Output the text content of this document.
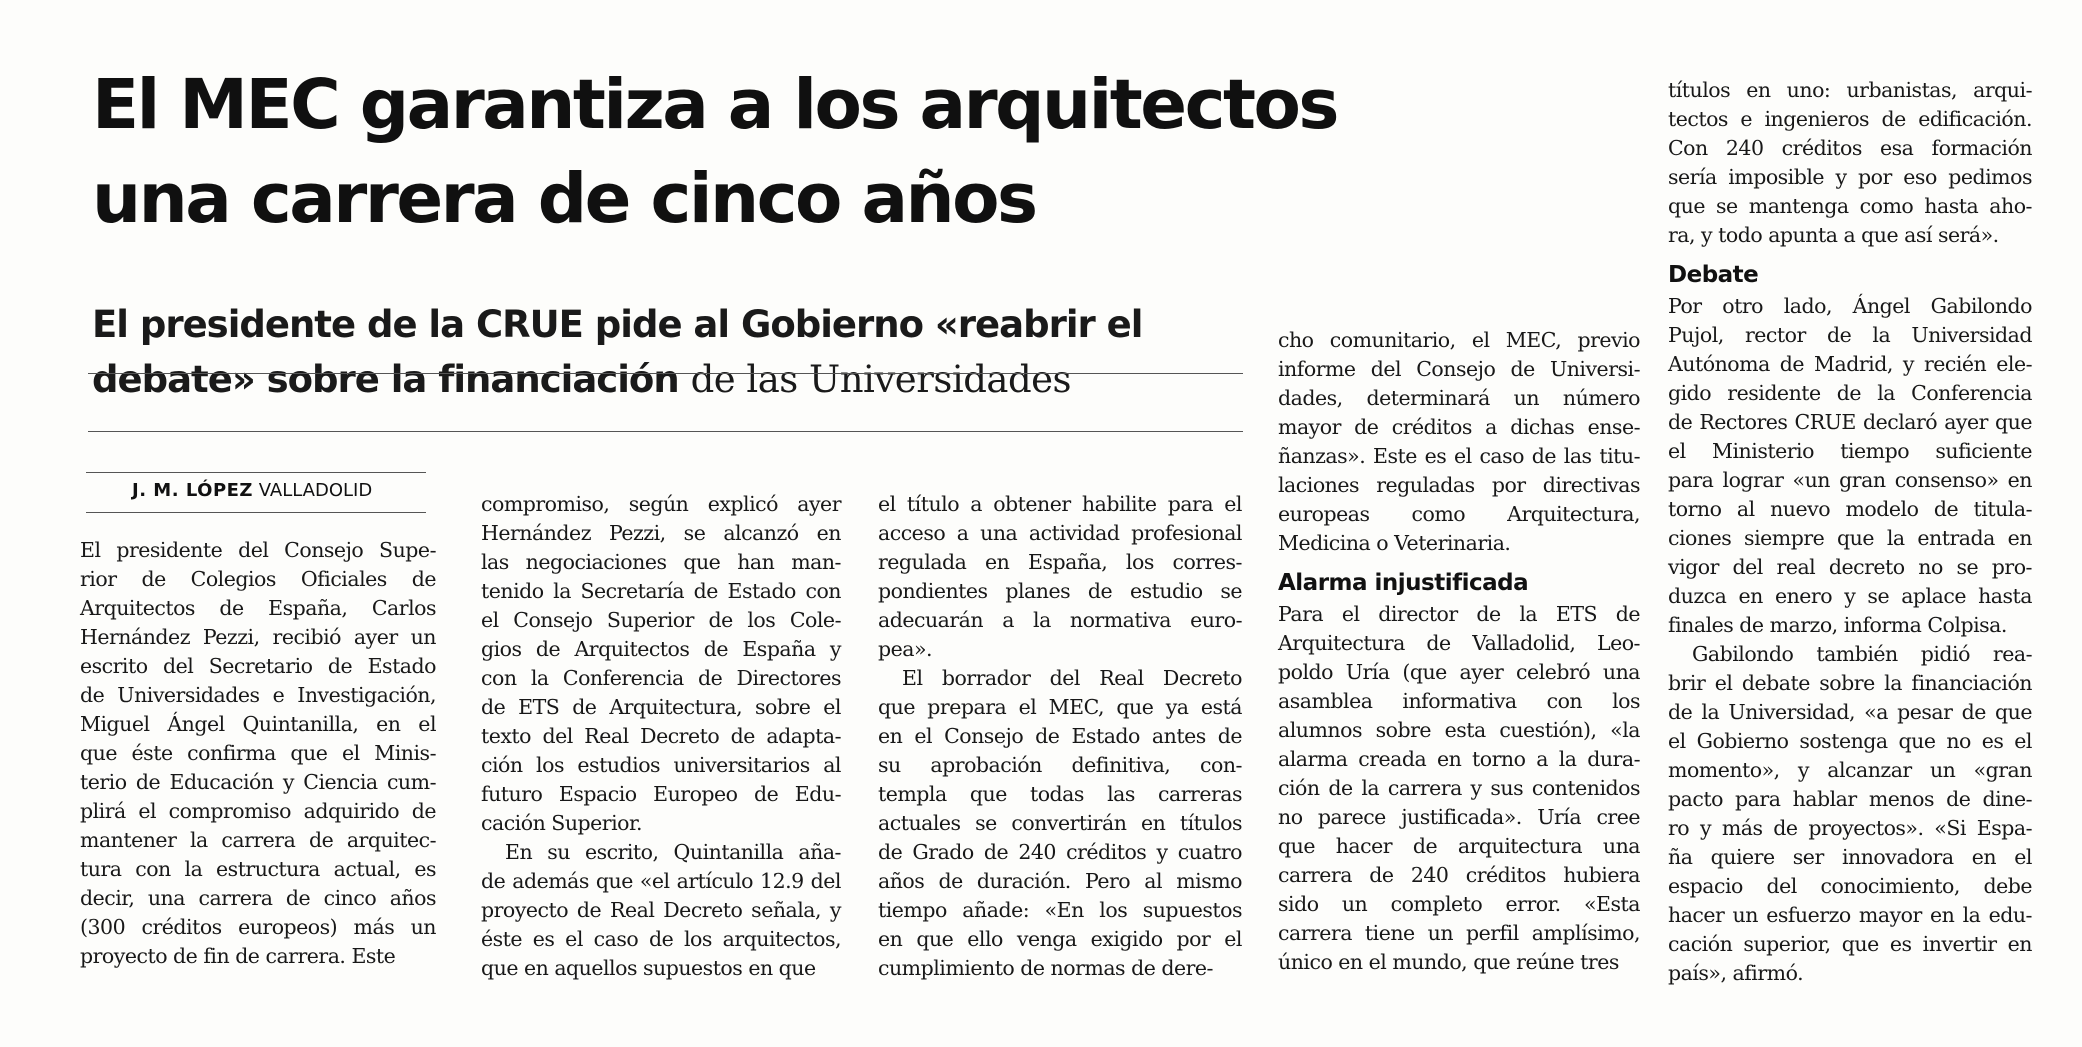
El MEC garantiza a los arquitectos
una carrera de cinco años
El presidente de la CRUE pide al Gobierno «reabrir el
debate» sobre la financiación de las Universidades
J. M. LÓPEZ VALLADOLID

El presidente del Consejo Supe-

rior de Colegios Oficiales de

Arquitectos de España, Carlos

Hernández Pezzi, recibió ayer un

escrito del Secretario de Estado

de Universidades e Investigación,

Miguel Ángel Quintanilla, en el

que éste confirma que el Minis-

terio de Educación y Ciencia cum-

plirá el compromiso adquirido de

mantener la carrera de arquitec-

tura con la estructura actual, es

decir, una carrera de cinco años

(300 créditos europeos) más un

proyecto de fin de carrera. Este

compromiso, según explicó ayer

Hernández Pezzi, se alcanzó en

las negociaciones que han man-

tenido la Secretaría de Estado con

el Consejo Superior de los Cole-

gios de Arquitectos de España y

con la Conferencia de Directores

de ETS de Arquitectura, sobre el

texto del Real Decreto de adapta-

ción los estudios universitarios al

futuro Espacio Europeo de Edu-

cación Superior.

En su escrito, Quintanilla aña-

de además que «el artículo 12.9 del

proyecto de Real Decreto señala, y

éste es el caso de los arquitectos,

que en aquellos supuestos en que

el título a obtener habilite para el

acceso a una actividad profesional

regulada en España, los corres-

pondientes planes de estudio se

adecuarán a la normativa euro-

pea».

El borrador del Real Decreto

que prepara el MEC, que ya está

en el Consejo de Estado antes de

su aprobación definitiva, con-

templa que todas las carreras

actuales se convertirán en títulos

de Grado de 240 créditos y cuatro

años de duración. Pero al mismo

tiempo añade: «En los supuestos

en que ello venga exigido por el

cumplimiento de normas de dere-

cho comunitario, el MEC, previo

informe del Consejo de Universi-

dades, determinará un número

mayor de créditos a dichas ense-

ñanzas». Este es el caso de las titu-

laciones reguladas por directivas

europeas como Arquitectura,

Medicina o Veterinaria.

Alarma injustificada

Para el director de la ETS de

Arquitectura de Valladolid, Leo-

poldo Uría (que ayer celebró una

asamblea informativa con los

alumnos sobre esta cuestión), «la

alarma creada en torno a la dura-

ción de la carrera y sus contenidos

no parece justificada». Uría cree

que hacer de arquitectura una

carrera de 240 créditos hubiera

sido un completo error. «Esta

carrera tiene un perfil amplísimo,

único en el mundo, que reúne tres

títulos en uno: urbanistas, arqui-

tectos e ingenieros de edificación.

Con 240 créditos esa formación

sería imposible y por eso pedimos

que se mantenga como hasta aho-

ra, y todo apunta a que así será».

Debate

Por otro lado, Ángel Gabilondo

Pujol, rector de la Universidad

Autónoma de Madrid, y recién ele-

gido residente de la Conferencia

de Rectores CRUE declaró ayer que

el Ministerio tiempo suficiente

para lograr «un gran consenso» en

torno al nuevo modelo de titula-

ciones siempre que la entrada en

vigor del real decreto no se pro-

duzca en enero y se aplace hasta

finales de marzo, informa Colpisa.

Gabilondo también pidió rea-

brir el debate sobre la financiación

de la Universidad, «a pesar de que

el Gobierno sostenga que no es el

momento», y alcanzar un «gran

pacto para hablar menos de dine-

ro y más de proyectos». «Si Espa-

ña quiere ser innovadora en el

espacio del conocimiento, debe

hacer un esfuerzo mayor en la edu-

cación superior, que es invertir en

país», afirmó.
